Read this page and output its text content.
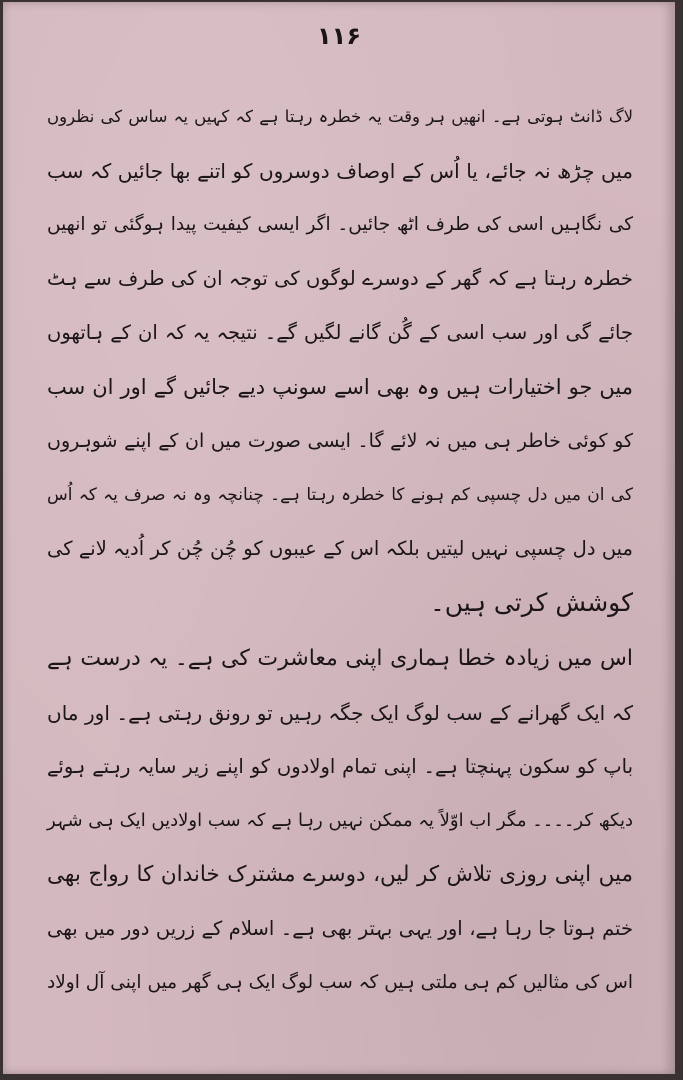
۱۱۶
لاگ ڈانٹ ہوتی ہے۔ انھیں ہر وقت یہ خطرہ رہتا ہے کہ کہیں یہ ساس کی نظروں
میں چڑھ نہ جائے، یا اُس کے اوصاف دوسروں کو اتنے بھا جائیں کہ سب
کی نگاہیں اسی کی طرف اٹھ جائیں۔ اگر ایسی کیفیت پیدا ہوگئی تو انھیں
خطرہ رہتا ہے کہ گھر کے دوسرے لوگوں کی توجہ ان کی طرف سے ہٹ
جائے گی اور سب اسی کے گُن گانے لگیں گے۔ نتیجہ یہ کہ ان کے ہاتھوں
میں جو اختیارات ہیں وہ بھی اسے سونپ دیے جائیں گے اور ان سب
کو کوئی خاطر ہی میں نہ لائے گا۔ ایسی صورت میں ان کے اپنے شوہروں
کی ان میں دل چسپی کم ہونے کا خطرہ رہتا ہے۔ چنانچہ وہ نہ صرف یہ کہ اُس
میں دل چسپی نہیں لیتیں بلکہ اس کے عیبوں کو چُن چُن کر اُدیہ لانے کی
کوشش کرتی ہیں۔
اس میں زیادہ خطا ہماری اپنی معاشرت کی ہے۔ یہ درست ہے
کہ ایک گھرانے کے سب لوگ ایک جگہ رہیں تو رونق رہتی ہے۔ اور ماں
باپ کو سکون پہنچتا ہے۔ اپنی تمام اولادوں کو اپنے زیر سایہ رہتے ہوئے
دیکھ کر۔۔۔۔ مگر اب اوّلاً یہ ممکن نہیں رہا ہے کہ سب اولادیں ایک ہی شہر
میں اپنی روزی تلاش کر لیں، دوسرے مشترک خاندان کا رواج بھی
ختم ہوتا جا رہا ہے، اور یہی بہتر بھی ہے۔ اسلام کے زریں دور میں بھی
اس کی مثالیں کم ہی ملتی ہیں کہ سب لوگ ایک ہی گھر میں اپنی آل اولاد
